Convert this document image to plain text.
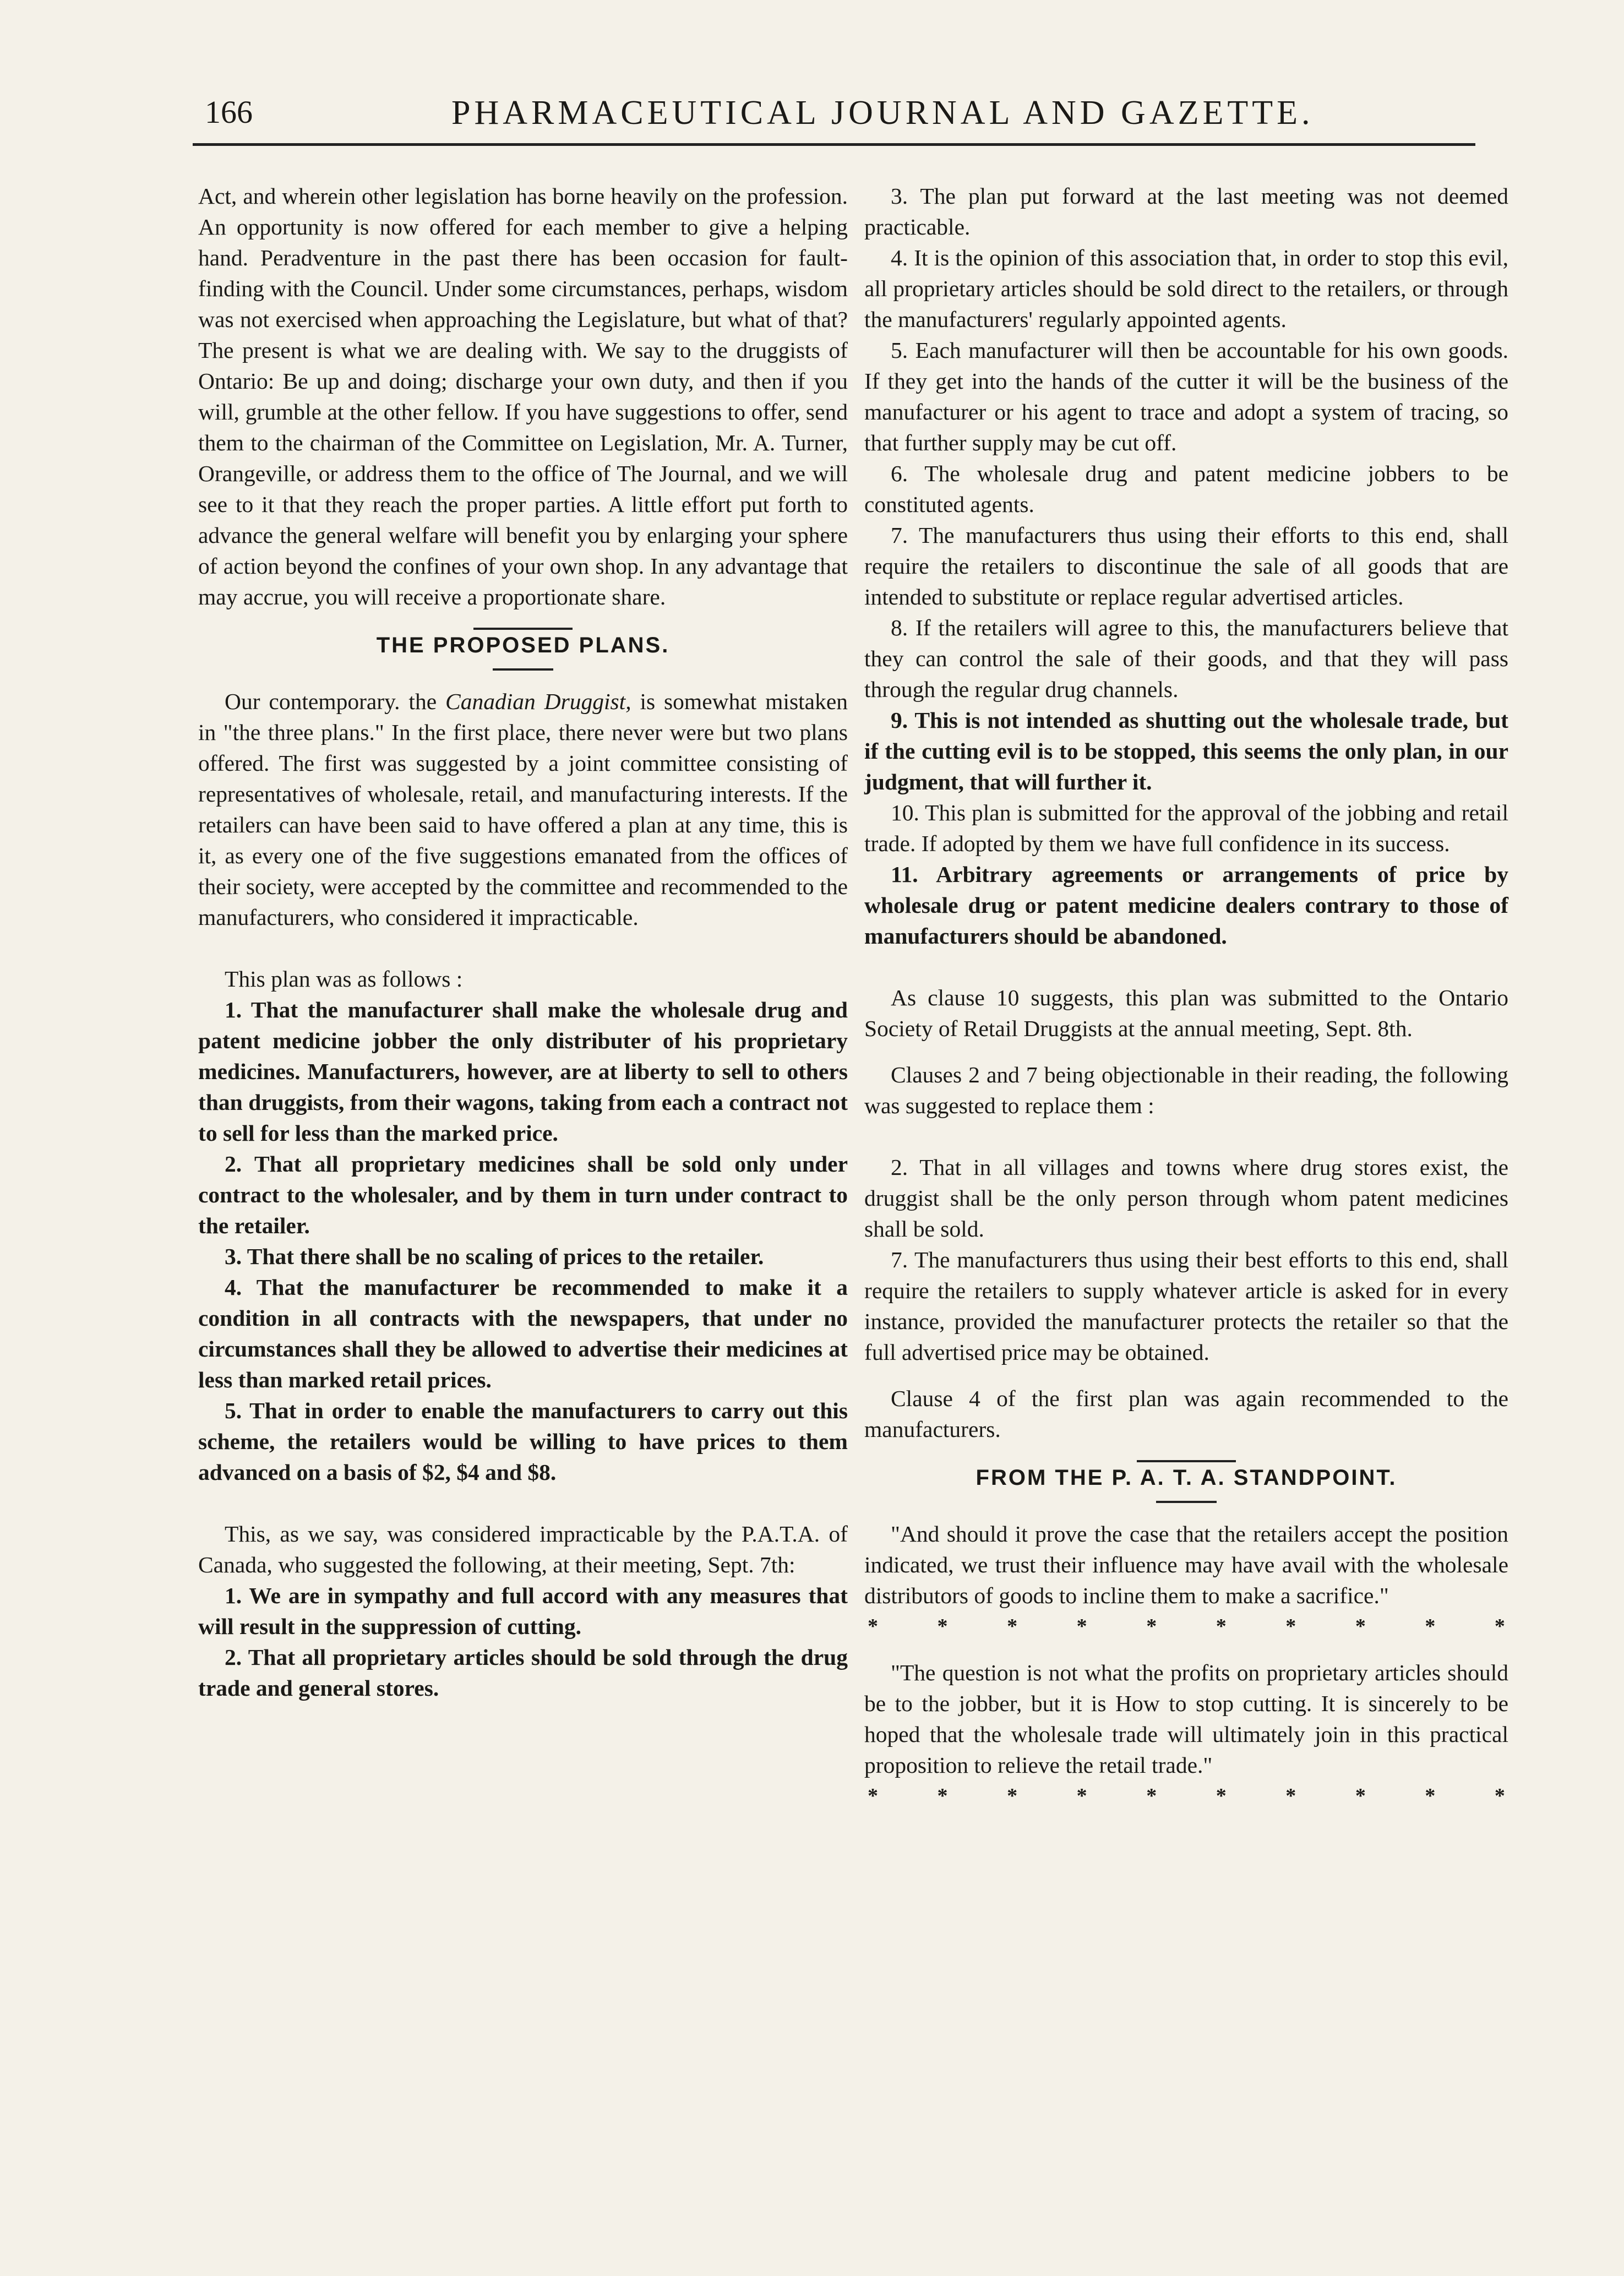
166	PHARMACEUTICAL JOURNAL AND GAZETTE.

Act, and wherein other legislation has borne heavily on the profession. An opportunity is now offered for each member to give a helping hand. Peradventure in the past there has been occasion for fault-finding with the Council. Under some circumstances, perhaps, wisdom was not exercised when approaching the Legislature, but what of that? The present is what we are dealing with. We say to the druggists of Ontario: Be up and doing; discharge your own duty, and then if you will, grumble at the other fellow. If you have suggestions to offer, send them to the chairman of the Committee on Legislation, Mr. A. Turner, Orangeville, or address them to the office of The Journal, and we will see to it that they reach the proper parties. A little effort put forth to advance the general welfare will benefit you by enlarging your sphere of action beyond the confines of your own shop. In any advantage that may accrue, you will receive a proportionate share.

THE PROPOSED PLANS.

Our contemporary. the Canadian Druggist, is somewhat mistaken in "the three plans." In the first place, there never were but two plans offered. The first was suggested by a joint committee consisting of representatives of wholesale, retail, and manufacturing interests. If the retailers can have been said to have offered a plan at any time, this is it, as every one of the five suggestions emanated from the offices of their society, were accepted by the committee and recommended to the manufacturers, who considered it impracticable.

This plan was as follows :

1. That the manufacturer shall make the wholesale drug and patent medicine jobber the only distributer of his proprietary medicines. Manufacturers, however, are at liberty to sell to others than druggists, from their wagons, taking from each a contract not to sell for less than the marked price.

2. That all proprietary medicines shall be sold only under contract to the wholesaler, and by them in turn under contract to the retailer.

3. That there shall be no scaling of prices to the retailer.

4. That the manufacturer be recommended to make it a condition in all contracts with the newspapers, that under no circumstances shall they be allowed to advertise their medicines at less than marked retail prices.

5. That in order to enable the manufacturers to carry out this scheme, the retailers would be willing to have prices to them advanced on a basis of $2, $4 and $8.

This, as we say, was considered impracticable by the P.A.T.A. of Canada, who suggested the following, at their meeting, Sept. 7th:

1. We are in sympathy and full accord with any measures that will result in the suppression of cutting.

2. That all proprietary articles should be sold through the drug trade and general stores.

3. The plan put forward at the last meeting was not deemed practicable.

4. It is the opinion of this association that, in order to stop this evil, all proprietary articles should be sold direct to the retailers, or through the manufacturers' regularly appointed agents.

5. Each manufacturer will then be accountable for his own goods. If they get into the hands of the cutter it will be the business of the manufacturer or his agent to trace and adopt a system of tracing, so that further supply may be cut off.

6. The wholesale drug and patent medicine jobbers to be constituted agents.

7. The manufacturers thus using their efforts to this end, shall require the retailers to discontinue the sale of all goods that are intended to substitute or replace regular advertised articles.

8. If the retailers will agree to this, the manufacturers believe that they can control the sale of their goods, and that they will pass through the regular drug channels.

9. This is not intended as shutting out the wholesale trade, but if the cutting evil is to be stopped, this seems the only plan, in our judgment, that will further it.

10. This plan is submitted for the approval of the jobbing and retail trade. If adopted by them we have full confidence in its success.

11. Arbitrary agreements or arrangements of price by wholesale drug or patent medicine dealers contrary to those of manufacturers should be abandoned.

As clause 10 suggests, this plan was submitted to the Ontario Society of Retail Druggists at the annual meeting, Sept. 8th.

Clauses 2 and 7 being objectionable in their reading, the following was suggested to replace them :

2. That in all villages and towns where drug stores exist, the druggist shall be the only person through whom patent medicines shall be sold.

7. The manufacturers thus using their best efforts to this end, shall require the retailers to supply whatever article is asked for in every instance, provided the manufacturer protects the retailer so that the full advertised price may be obtained.

Clause 4 of the first plan was again recommended to the manufacturers.

FROM THE P. A. T. A. STANDPOINT.

"And should it prove the case that the retailers accept the position indicated, we trust their influence may have avail with the wholesale distributors of goods to incline them to make a sacrifice."

*	*	*	*	*	*	*	*	*	*

"The question is not what the profits on proprietary articles should be to the jobber, but it is How to stop cutting. It is sincerely to be hoped that the wholesale trade will ultimately join in this practical proposition to relieve the retail trade."

*	*	*	*	*	*	*	*	*	*
